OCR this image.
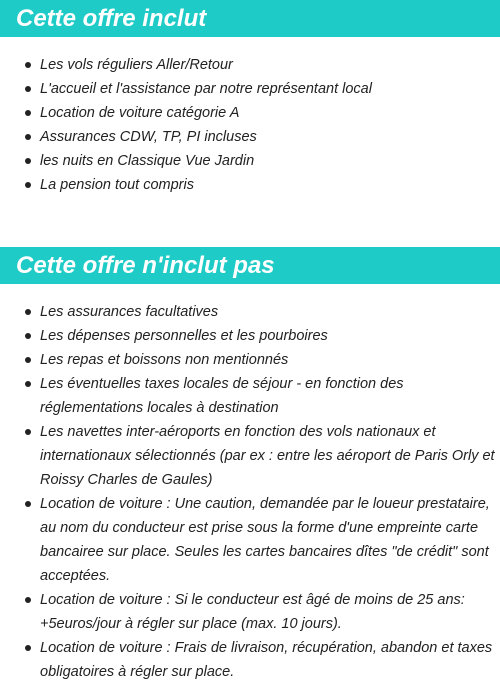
Cette offre inclut
Les vols réguliers Aller/Retour
L'accueil et l'assistance par notre représentant local
Location de voiture catégorie A
Assurances CDW, TP, PI incluses
les nuits en Classique Vue Jardin
La pension tout compris
Cette offre n'inclut pas
Les assurances facultatives
Les dépenses personnelles et les pourboires
Les repas et boissons non mentionnés
Les éventuelles taxes locales de séjour - en fonction des réglementations locales à destination
Les navettes inter-aéroports en fonction des vols nationaux et internationaux sélectionnés (par ex : entre les aéroport de Paris Orly et Roissy Charles de Gaules)
Location de voiture : Une caution, demandée par le loueur prestataire, au nom du conducteur est prise sous la forme d'une empreinte carte bancairee sur place. Seules les cartes bancaires dîtes "de crédit" sont acceptées.
Location de voiture : Si le conducteur est âgé de moins de 25 ans: +5euros/jour à régler sur place (max. 10 jours).
Location de voiture : Frais de livraison, récupération, abandon et taxes obligatoires à régler sur place.
